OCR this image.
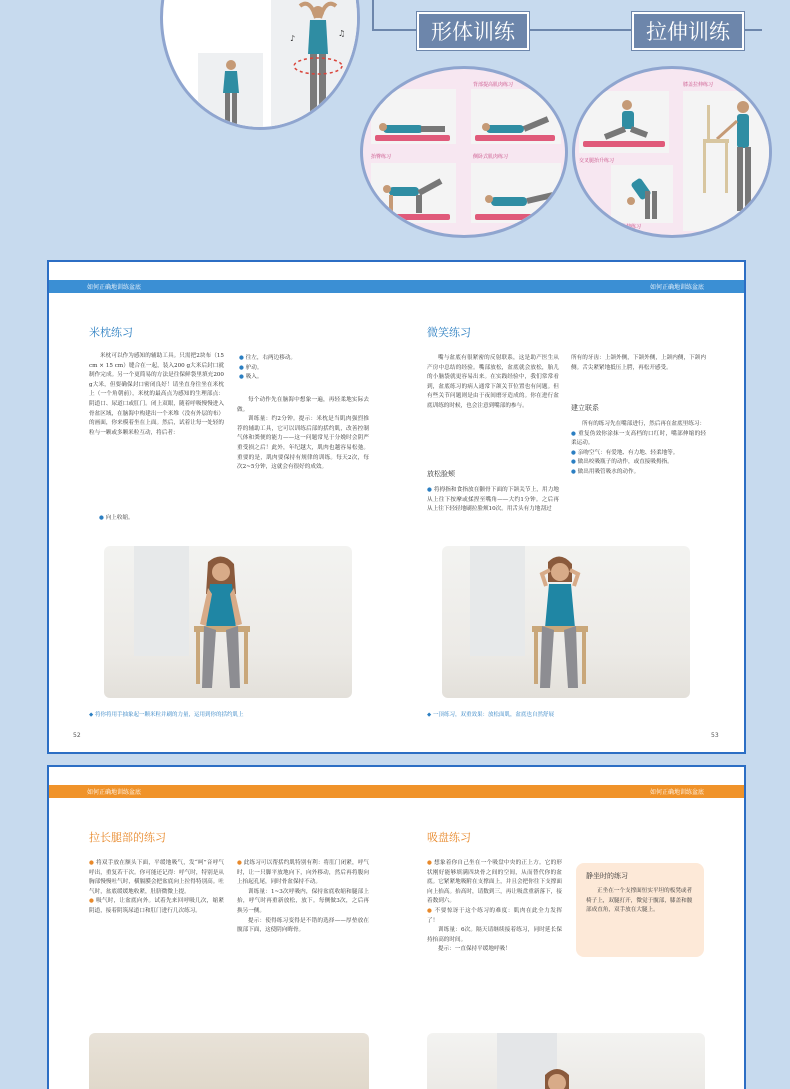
♪
♫	形体训练	拉伸训练
背部提高肌肉练习
抬臀练习	侧卧式肌肉练习
猫式
膝盖拉伸练习
交叉腿抬升练习
背部拉伸练习
如何正确地训练盆底	如何正确地训练盆底
米枕练习
米枕可以作为感知的辅助工具。只需把2块布（15 cm × 15 cm）缝合在一起，装入200 g大米后封口就制作完成。另一个更简易的方法是往保鲜袋里填充200 g大米，但要确保封口密闭良好！请坐直身往坐在米枕上（一个角朝前），米枕的最高点为感知的生理部点：阴道口、尿道口或肛门。闭上双眼，随着呼吸慢慢进入骨盆区域，在脑海中构建出一个米堆（没有外层的布）的画面，你来模着坐在上面。然后，试着让每一处轻的粒与一颗或多颗米粒互动，将后者：
● 向上收缩。
● 往左，右两边移动。
● 驴动。
● 吸入。
每个动作先在脑海中想象一遍，再轻柔地实际去做。
训练量：约2分钟。提示：米枕是当肌肉强烈推荐的辅助工具，它可以训练后部的括约肌，改善控制气体和粪便的能力——这一问题常见于分娩时会阴严重受损之后！此外，年纪越大，肌肉也越容易松弛。重要的是，肌肉要保持有规律的训练。每天2次，每次2~5分钟，这就会有很好的成效。
◆ 将你将用手抽象起一颗米粒并刷的力量，运用到你的括约肌上
52
微笑练习
嘴与盆底有很紧密的反射联系，这是助产医生从产房中总结的经验。嘴部放松，盆底就会放松，胎儿的小脑袋就更容易出来。在实践经验中，我们常常看到，盆底练习的病人通常下颌关节位置也有问题。但有些关节问题则是由于夜间磨牙造成的。你在进行盆底训练的时候，也会注意到嘴部的参与。
放松脸颊
● 将拇指和食指放在颧骨下面的下颌关节上，用力地从上往下按摩或揉捏至嘴角——大约1分钟。之后再从上往下轻轻地刷拉脸颊10次。用舌头有力地刮过
所有的牙齿：上颌外侧，下颌外侧，上颌内侧，下颌内侧。舌尖紧紧地抵压上腭，再松开感受。
建立联系
所有的练习先在嘴部进行，然后再在盆底里练习：
● 重复伪效你涂抹一支高档的口红时，嘴部伸缩的轻柔运动。
● 亲吻空气：有爱地、有力地、轻柔地等。
● 做出咬吸瓶子的动作，或直接吸拇指。
● 做出用吸管吸水的动作。
◆ 一顶练习，双重效果：放松面肌，盆底也自然舒展
53
如何正确地训练盆底	如何正确地训练盆底
拉长腿部的练习
● 将双手放在额头下面，平缓地吸气，发“呵”音呼气呼出，重复若干次。你可能还记得：呼气时，特别是从胸部慢慢吐气时，横膈膜会把盆底向上拉得特别高。吐气时，盆底缓缓地收紧，肚脐微微上提。
● 吸气时，让盆底向外。试着先来回呼吸几次，缩紧阴道，接着阴筑尿道口和肛门进行几次练习。
● 此练习可以帮括约肌特别有利：将肛门闭紧，呼气时，让一只脚平放地向下，向外移动，然后再将腹向上抬起孔尾，同时骨盆保持不动。
训练量：1~3次呼吸内，保持盆底收缩和腿部上抬，呼气时再重新放松，放下。每侧做3次，之后再换另一侧。
提示：使得练习变得是不错的选择——厚垫放在髋部下面，这使阴向晦骨。
吸盘练习
● 想象着你自己坐在一个吸盘中央的正上方。它的形状刚好能够填满四块骨之间的空间，从而替代你的盆底。它紧紧地吸附在支撑面上，并且会把你往下支撑面向上抬高。抬高时，请数到三，再让吸盘重新落下，接着数到六。
● 不要惊讶于这个练习的难度：肌肉在此全力发挥了！
训练量：6次。隔天请继续接着练习，同时延长保持抬高的时间。
提示：一直保持平缓地呼吸！
静坐时的练习
正坐在一个支撑面恒实平坦的板凳或者椅子上，双腿打开，微觉于髋部，膝盖和髋部成直角，双手放在大腿上。
